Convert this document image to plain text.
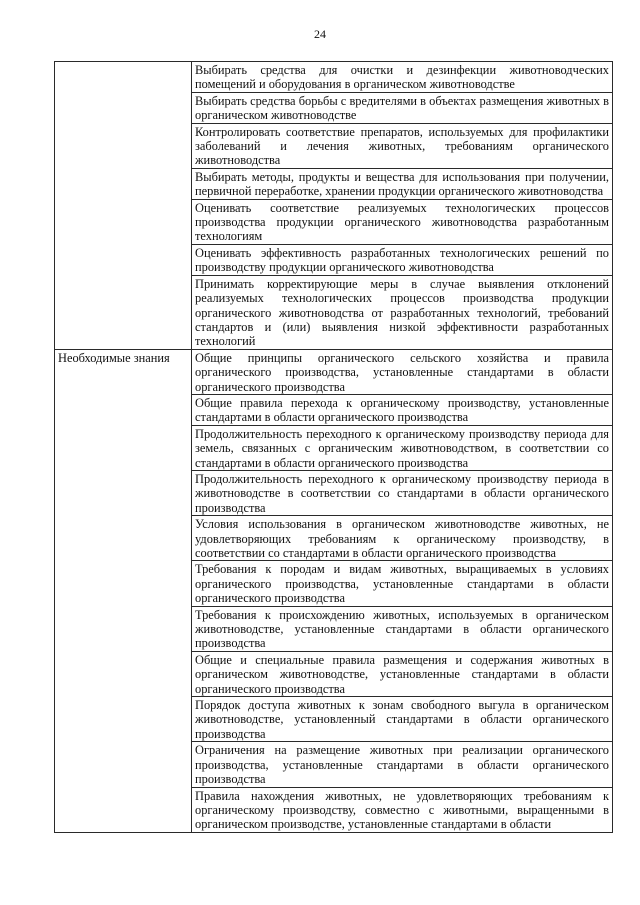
24
	Выбирать средства для очистки и дезинфекции животноводческих помещений и оборудования в органическом животноводстве
	Выбирать средства борьбы с вредителями в объектах размещения животных в органическом животноводстве
	Контролировать соответствие препаратов, используемых для профилактики заболеваний и лечения животных, требованиям органического животноводства
	Выбирать методы, продукты и вещества для использования при получении, первичной переработке, хранении продукции органического животноводства
	Оценивать соответствие реализуемых технологических процессов производства продукции органического животноводства разработанным технологиям
	Оценивать эффективность разработанных технологических решений по производству продукции органического животноводства
	Принимать корректирующие меры в случае выявления отклонений реализуемых технологических процессов производства продукции органического животноводства от разработанных технологий, требований стандартов и (или) выявления низкой эффективности разработанных технологий
Необходимые знания	Общие принципы органического сельского хозяйства и правила органического производства, установленные стандартами в области органического производства
	Общие правила перехода к органическому производству, установленные стандартами в области органического производства
	Продолжительность переходного к органическому производству периода для земель, связанных с органическим животноводством, в соответствии со стандартами в области органического производства
	Продолжительность переходного к органическому производству периода в животноводстве в соответствии со стандартами в области органического производства
	Условия использования в органическом животноводстве животных, не удовлетворяющих требованиям к органическому производству, в соответствии со стандартами в области органического производства
	Требования к породам и видам животных, выращиваемых в условиях органического производства, установленные стандартами в области органического производства
	Требования к происхождению животных, используемых в органическом животноводстве, установленные стандартами в области органического производства
	Общие и специальные правила размещения и содержания животных в органическом животноводстве, установленные стандартами в области органического производства
	Порядок доступа животных к зонам свободного выгула в органическом животноводстве, установленный стандартами в области органического производства
	Ограничения на размещение животных при реализации органического производства, установленные стандартами в области органического производства
	Правила нахождения животных, не удовлетворяющих требованиям к органическому производству, совместно с животными, выращенными в органическом производстве, установленные стандартами в области
